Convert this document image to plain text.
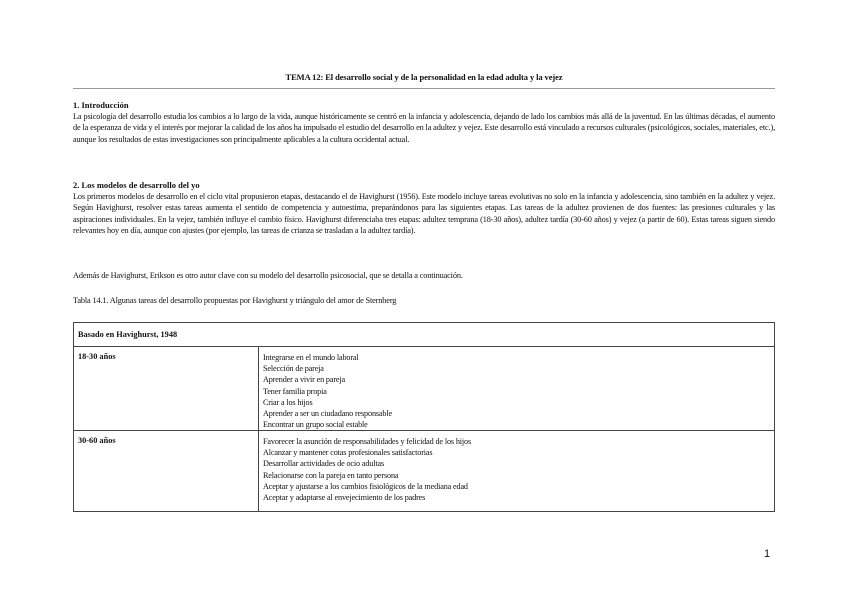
TEMA 12: El desarrollo social y de la personalidad en la edad adulta y la vejez
1. Introducción
La psicología del desarrollo estudia los cambios a lo largo de la vida, aunque históricamente se centró en la infancia y adolescencia, dejando de lado los cambios más allá de la juventud. En las últimas décadas, el aumento de la esperanza de vida y el interés por mejorar la calidad de los años ha impulsado el estudio del desarrollo en la adultez y vejez. Este desarrollo está vinculado a recursos culturales (psicológicos, sociales, materiales, etc.), aunque los resultados de estas investigaciones son principalmente aplicables a la cultura occidental actual.
2. Los modelos de desarrollo del yo
Los primeros modelos de desarrollo en el ciclo vital propusieron etapas, destacando el de Havighurst (1956). Este modelo incluye tareas evolutivas no solo en la infancia y adolescencia, sino también en la adultez y vejez. Según Havighurst, resolver estas tareas aumenta el sentido de competencia y autoestima, preparándonos para las siguientes etapas. Las tareas de la adultez provienen de dos fuentes: las presiones culturales y las aspiraciones individuales. En la vejez, también influye el cambio físico. Havighurst diferenciaba tres etapas: adultez temprana (18-30 años), adultez tardía (30-60 años) y vejez (a partir de 60). Estas tareas siguen siendo relevantes hoy en día, aunque con ajustes (por ejemplo, las tareas de crianza se trasladan a la adultez tardía).
Además de Havighurst, Erikson es otro autor clave con su modelo del desarrollo psicosocial, que se detalla a continuación.
Tabla 14.1. Algunas tareas del desarrollo propuestas por Havighurst y triángulo del amor de Sternberg
Basado en Havighurst, 1948
18-30 años	Integrarse en el mundo laboral
Selección de pareja
Aprender a vivir en pareja
Tener familia propia
Criar a los hijos
Aprender a ser un ciudadano responsable
Encontrar un grupo social estable
30-60 años	Favorecer la asunción de responsabilidades y felicidad de los hijos
Alcanzar y mantener cotas profesionales satisfactorias
Desarrollar actividades de ocio adultas
Relacionarse con la pareja en tanto persona
Aceptar y ajustarse a los cambios fisiológicos de la mediana edad
Aceptar y adaptarse al envejecimiento de los padres
1
